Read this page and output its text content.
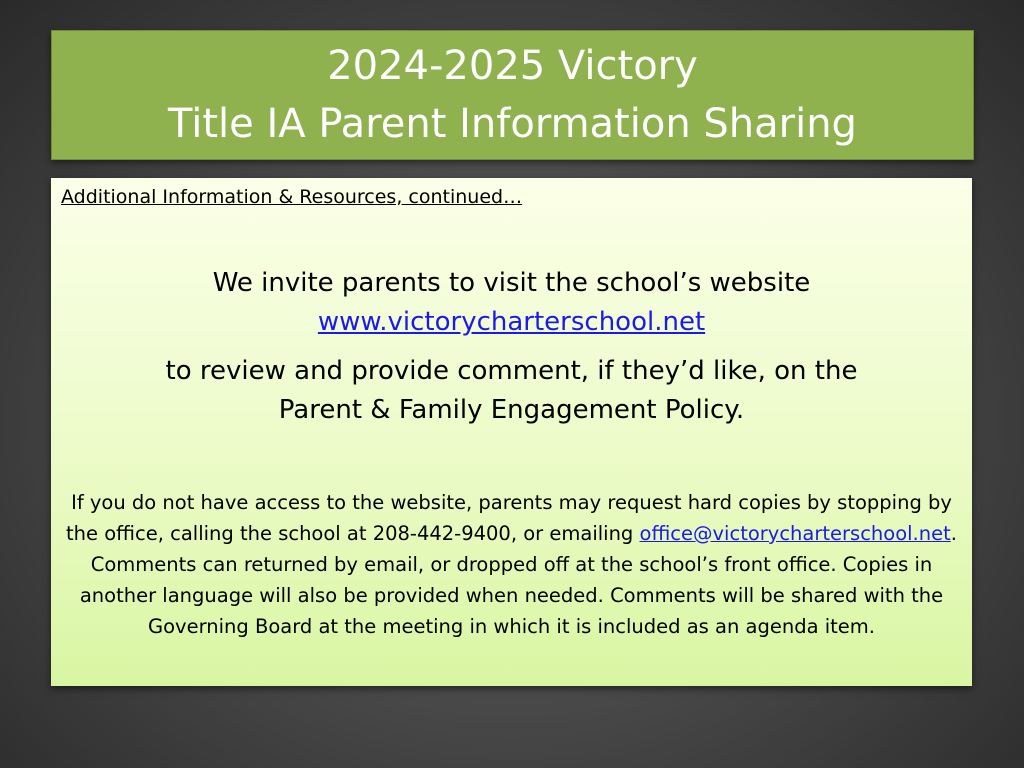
2024-2025 Victory
Title IA Parent Information Sharing
Additional Information & Resources, continued…
We invite parents to visit the school’s website
www.victorycharterschool.net
to review and provide comment, if they’d like, on the
Parent & Family Engagement Policy.
If you do not have access to the website, parents may request hard copies by stopping by the office, calling the school at 208-442-9400, or emailing office@victorycharterschool.net. Comments can returned by email, or dropped off at the school’s front office. Copies in another language will also be provided when needed. Comments will be shared with the Governing Board at the meeting in which it is included as an agenda item.
